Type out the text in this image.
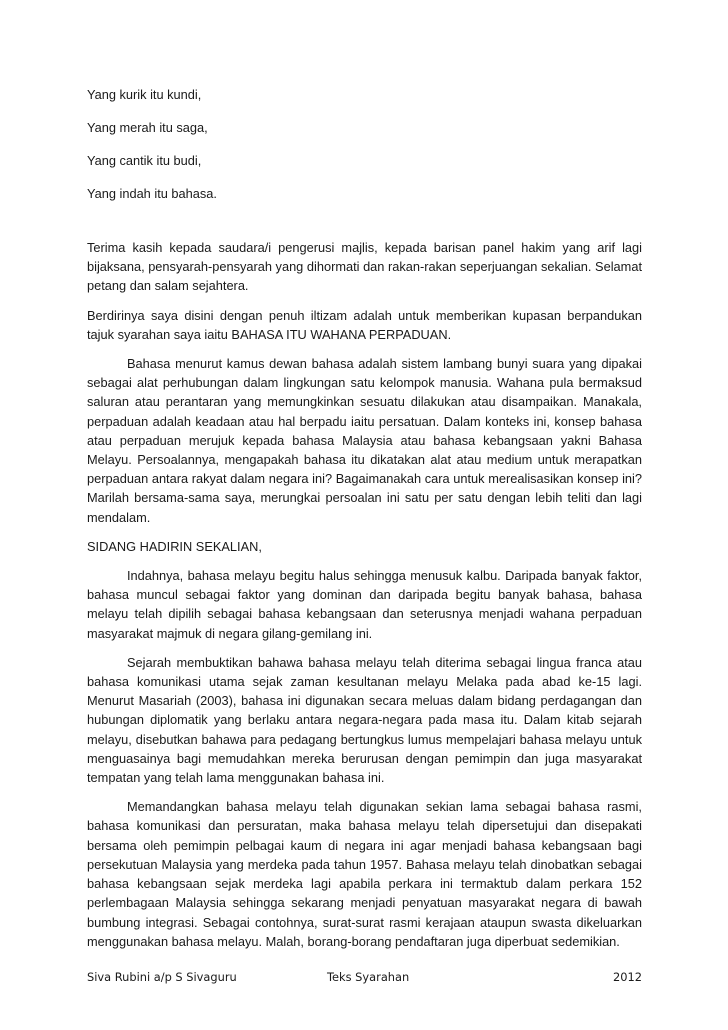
Yang kurik itu kundi,

Yang merah itu saga,

Yang cantik itu budi,

Yang indah itu bahasa.

Terima kasih kepada saudara/i pengerusi majlis, kepada barisan panel hakim yang arif lagi bijaksana, pensyarah-pensyarah yang dihormati dan rakan-rakan seperjuangan sekalian. Selamat petang dan salam sejahtera.

Berdirinya saya disini dengan penuh iltizam adalah untuk memberikan kupasan berpandukan tajuk syarahan saya iaitu BAHASA ITU WAHANA PERPADUAN.

Bahasa menurut kamus dewan bahasa adalah sistem lambang bunyi suara yang dipakai sebagai alat perhubungan dalam lingkungan satu kelompok manusia. Wahana pula bermaksud saluran atau perantaran yang memungkinkan sesuatu dilakukan atau disampaikan. Manakala, perpaduan adalah keadaan atau hal berpadu iaitu persatuan. Dalam konteks ini, konsep bahasa atau perpaduan merujuk kepada bahasa Malaysia atau bahasa kebangsaan yakni Bahasa Melayu. Persoalannya, mengapakah bahasa itu dikatakan alat atau medium untuk merapatkan perpaduan antara rakyat dalam negara ini? Bagaimanakah cara untuk merealisasikan konsep ini? Marilah bersama-sama saya, merungkai persoalan ini satu per satu dengan lebih teliti dan lagi mendalam.

SIDANG HADIRIN SEKALIAN,

Indahnya, bahasa melayu begitu halus sehingga menusuk kalbu. Daripada banyak faktor, bahasa muncul sebagai faktor yang dominan dan daripada begitu banyak bahasa, bahasa melayu telah dipilih sebagai bahasa kebangsaan dan seterusnya menjadi wahana perpaduan masyarakat majmuk di negara gilang-gemilang ini.

Sejarah membuktikan bahawa bahasa melayu telah diterima sebagai lingua franca atau bahasa komunikasi utama sejak zaman kesultanan melayu Melaka pada abad ke-15 lagi. Menurut Masariah (2003), bahasa ini digunakan secara meluas dalam bidang perdagangan dan hubungan diplomatik yang berlaku antara negara-negara pada masa itu. Dalam kitab sejarah melayu, disebutkan bahawa para pedagang bertungkus lumus mempelajari bahasa melayu untuk menguasainya bagi memudahkan mereka berurusan dengan pemimpin dan juga masyarakat tempatan yang telah lama menggunakan bahasa ini.

Memandangkan bahasa melayu telah digunakan sekian lama sebagai bahasa rasmi, bahasa komunikasi dan persuratan, maka bahasa melayu telah dipersetujui dan disepakati bersama oleh pemimpin pelbagai kaum di negara ini agar menjadi bahasa kebangsaan bagi persekutuan Malaysia yang merdeka pada tahun 1957. Bahasa melayu telah dinobatkan sebagai bahasa kebangsaan sejak merdeka lagi apabila perkara ini termaktub dalam perkara 152 perlembagaan Malaysia sehingga sekarang menjadi penyatuan masyarakat negara di bawah bumbung integrasi. Sebagai contohnya, surat-surat rasmi kerajaan ataupun swasta dikeluarkan menggunakan bahasa melayu. Malah, borang-borang pendaftaran juga diperbuat sedemikian.

Siva Rubini a/p S Sivaguru	Teks Syarahan	2012
